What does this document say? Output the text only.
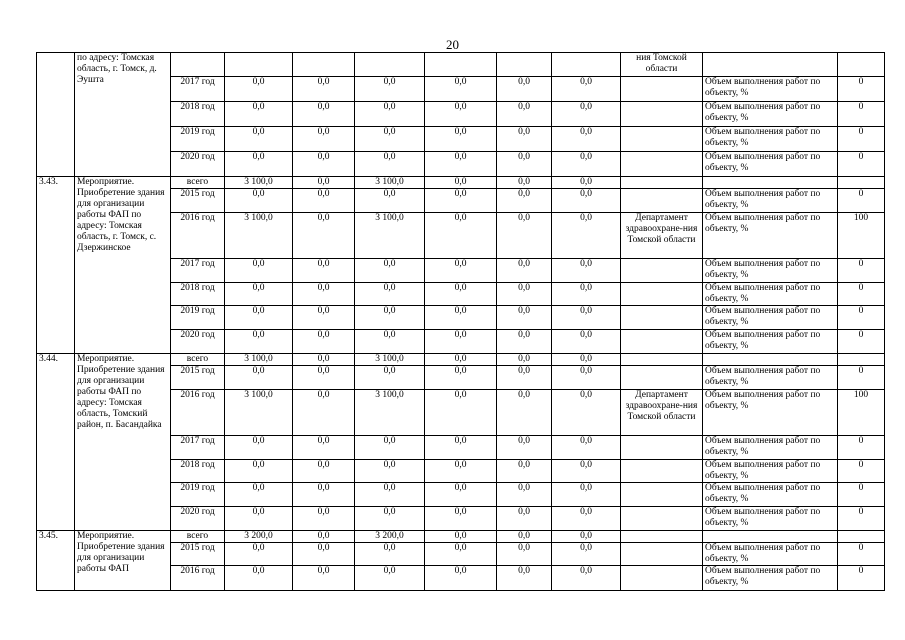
20
	по адресу: Томская область, г. Томск, д. Эушта								ния Томской области		
		2017 год	0,0	0,0	0,0	0,0	0,0	0,0		Объем выполнения работ по объекту, %	0
		2018 год	0,0	0,0	0,0	0,0	0,0	0,0		Объем выполнения работ по объекту, %	0
		2019 год	0,0	0,0	0,0	0,0	0,0	0,0		Объем выполнения работ по объекту, %	0
		2020 год	0,0	0,0	0,0	0,0	0,0	0,0		Объем выполнения работ по объекту, %	0
3.43.	Мероприятие. Приобретение здания для организации работы ФАП по адресу: Томская область, г. Томск, с. Дзержинское	всего	3 100,0	0,0	3 100,0	0,0	0,0	0,0			
		2015 год	0,0	0,0	0,0	0,0	0,0	0,0		Объем выполнения работ по объекту, %	0
		2016 год	3 100,0	0,0	3 100,0	0,0	0,0	0,0	Департамент здравоохране-ния Томской области	Объем выполнения работ по объекту, %	100
		2017 год	0,0	0,0	0,0	0,0	0,0	0,0		Объем выполнения работ по объекту, %	0
		2018 год	0,0	0,0	0,0	0,0	0,0	0,0		Объем выполнения работ по объекту, %	0
		2019 год	0,0	0,0	0,0	0,0	0,0	0,0		Объем выполнения работ по объекту, %	0
		2020 год	0,0	0,0	0,0	0,0	0,0	0,0		Объем выполнения работ по объекту, %	0
3.44.	Мероприятие. Приобретение здания для организации работы ФАП по адресу: Томская область, Томский район, п. Басандайка	всего	3 100,0	0,0	3 100,0	0,0	0,0	0,0			
		2015 год	0,0	0,0	0,0	0,0	0,0	0,0		Объем выполнения работ по объекту, %	0
		2016 год	3 100,0	0,0	3 100,0	0,0	0,0	0,0	Департамент здравоохране-ния Томской области	Объем выполнения работ по объекту, %	100
		2017 год	0,0	0,0	0,0	0,0	0,0	0,0		Объем выполнения работ по объекту, %	0
		2018 год	0,0	0,0	0,0	0,0	0,0	0,0		Объем выполнения работ по объекту, %	0
		2019 год	0,0	0,0	0,0	0,0	0,0	0,0		Объем выполнения работ по объекту, %	0
		2020 год	0,0	0,0	0,0	0,0	0,0	0,0		Объем выполнения работ по объекту, %	0
3.45.	Мероприятие. Приобретение здания для организации работы ФАП	всего	3 200,0	0,0	3 200,0	0,0	0,0	0,0			
		2015 год	0,0	0,0	0,0	0,0	0,0	0,0		Объем выполнения работ по объекту, %	0
		2016 год	0,0	0,0	0,0	0,0	0,0	0,0		Объем выполнения работ по объекту, %	0
